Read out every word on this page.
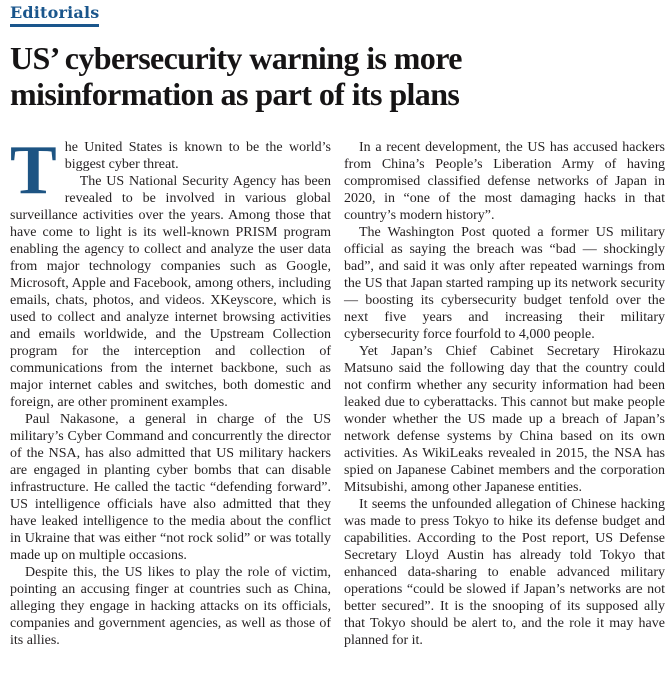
Editorials
US’ cybersecurity warning is more
misinformation as part of its plans
T he United States is known to be the world’s biggest cyber threat.

The US National Security Agency has been revealed to be involved in various global surveillance activities over the years. Among those that have come to light is its well-known PRISM program enabling the agency to collect and analyze the user data from major technology companies such as Google, Microsoft, Apple and Facebook, among others, including emails, chats, photos, and videos. XKeyscore, which is used to collect and analyze internet browsing activities and emails worldwide, and the Upstream Collection program for the interception and collection of communications from the internet backbone, such as major internet cables and switches, both domestic and foreign, are other prominent examples.

Paul Nakasone, a general in charge of the US military’s Cyber Command and concurrently the director of the NSA, has also admitted that US military hackers are engaged in planting cyber bombs that can disable infrastructure. He called the tactic “defending forward”. US intelligence officials have also admitted that they have leaked intelligence to the media about the conflict in Ukraine that was either “not rock solid” or was totally made up on multiple occasions.

Despite this, the US likes to play the role of victim, pointing an accusing finger at countries such as China, alleging they engage in hacking attacks on its officials, companies and government agencies, as well as those of its allies.

In a recent development, the US has accused hackers from China’s People’s Liberation Army of having compromised classified defense networks of Japan in 2020, in “one of the most damaging hacks in that country’s modern history”.

The Washington Post quoted a former US military official as saying the breach was “bad — shockingly bad”, and said it was only after repeated warnings from the US that Japan started ramping up its network security — boosting its cybersecurity budget tenfold over the next five years and increasing their military cybersecurity force fourfold to 4,000 people.

Yet Japan’s Chief Cabinet Secretary Hirokazu Matsuno said the following day that the country could not confirm whether any security information had been leaked due to cyberattacks. This cannot but make people wonder whether the US made up a breach of Japan’s network defense systems by China based on its own activities. As WikiLeaks revealed in 2015, the NSA has spied on Japanese Cabinet members and the corporation Mitsubishi, among other Japanese entities.

It seems the unfounded allegation of Chinese hacking was made to press Tokyo to hike its defense budget and capabilities. According to the Post report, US Defense Secretary Lloyd Austin has already told Tokyo that enhanced data-sharing to enable advanced military operations “could be slowed if Japan’s networks are not better secured”. It is the snooping of its supposed ally that Tokyo should be alert to, and the role it may have planned for it.
